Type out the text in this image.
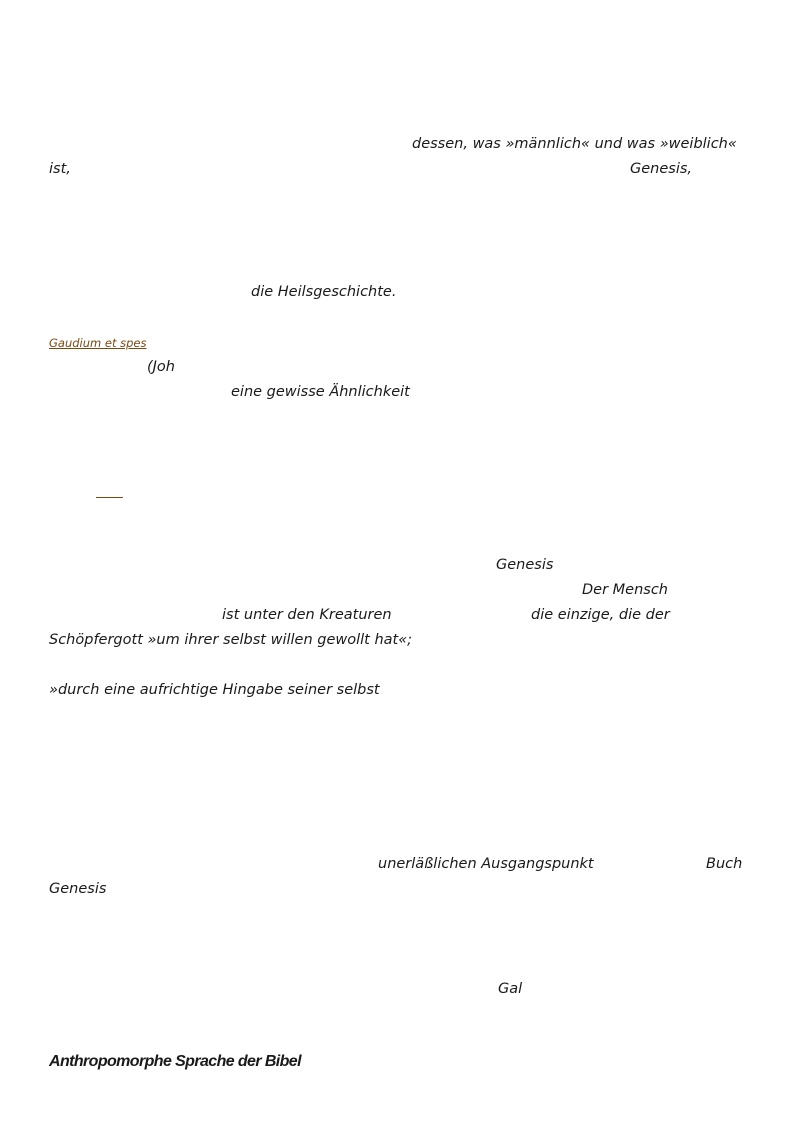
dessen, was »männlich« und was »weiblich«
ist,	Genesis,
die Heilsgeschichte.
Gaudium et spes
(Joh
eine gewisse Ähnlichkeit
Genesis
Der Mensch
ist unter den Kreaturen	die einzige, die der
Schöpfergott »um ihrer selbst willen gewollt hat«;
»durch eine aufrichtige Hingabe seiner selbst
unerläßlichen Ausgangspunkt	Buch
Genesis
Gal
Anthropomorphe Sprache der Bibel
